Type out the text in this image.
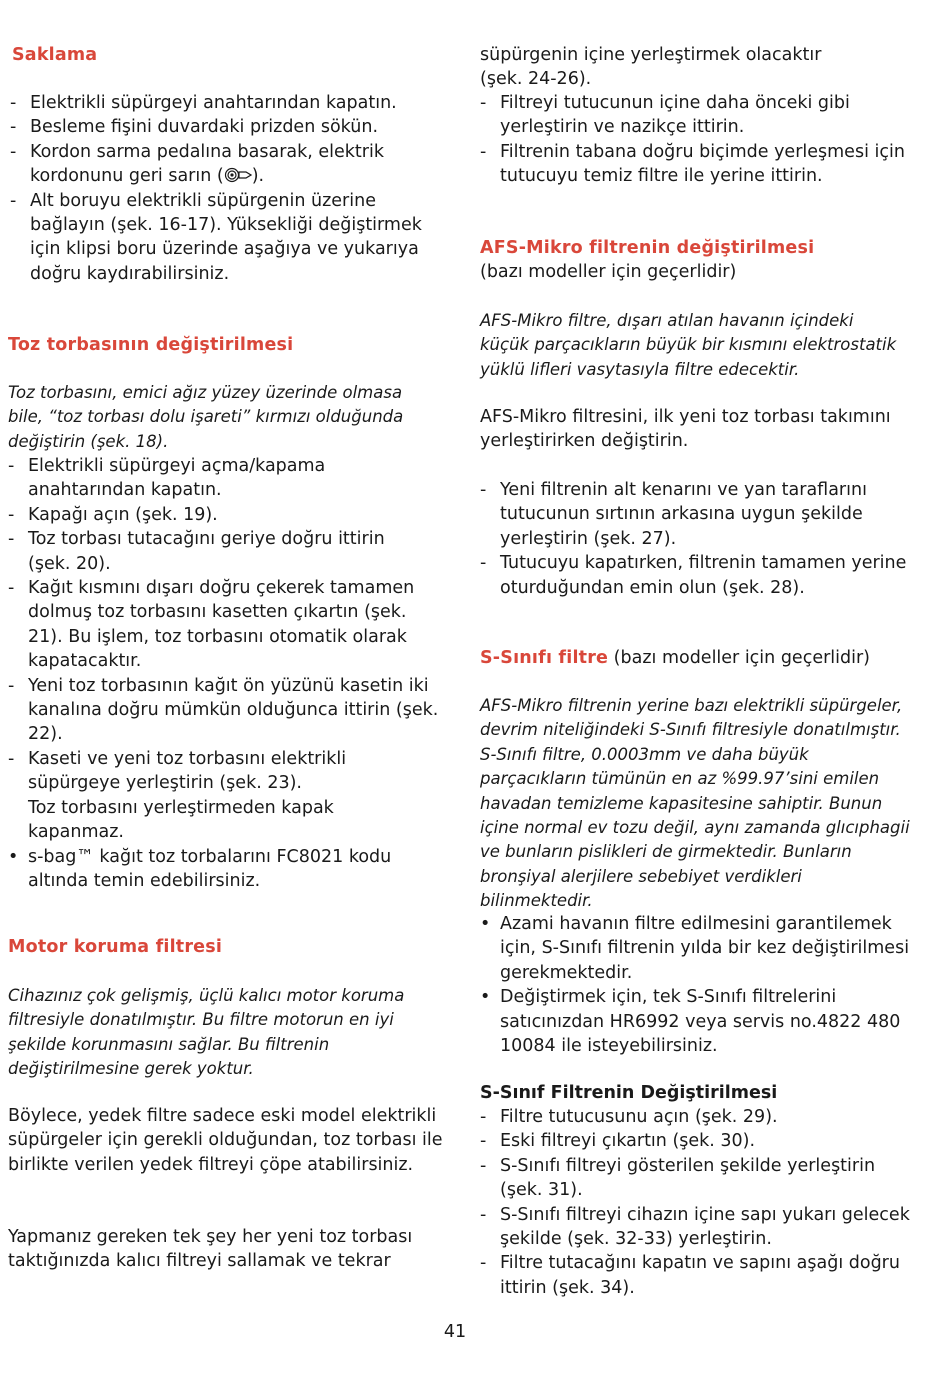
Saklama
- Elektrikli süpürgeyi anahtarından kapatın.
- Besleme fişini duvardaki prizden sökün.
- Kordon sarma pedalına basarak, elektrik kordonunu geri sarın ( ).
- Alt boruyu elektrikli süpürgenin üzerine bağlayın (şek. 16-17). Yüksekliği değiştirmek için klipsi boru üzerinde aşağıya ve yukarıya doğru kaydırabilirsiniz.
Toz torbasının değiştirilmesi

Toz torbasını, emici ağız yüzey üzerinde olmasa bile, “toz torbası dolu işareti” kırmızı olduğunda değiştirin (şek. 18).

- Elektrikli süpürgeyi açma/kapama anahtarından kapatın.
- Kapağı açın (şek. 19).
- Toz torbası tutacağını geriye doğru ittirin (şek. 20).
- Kağıt kısmını dışarı doğru çekerek tamamen dolmuş toz torbasını kasetten çıkartın (şek. 21). Bu işlem, toz torbasını otomatik olarak kapatacaktır.
- Yeni toz torbasının kağıt ön yüzünü kasetin iki kanalına doğru mümkün olduğunca ittirin (şek. 22).
- Kaseti ve yeni toz torbasını elektrikli süpürgeye yerleştirin (şek. 23).
Toz torbasını yerleştirmeden kapak kapanmaz.
• s-bag™ kağıt toz torbalarını FC8021 kodu altında temin edebilirsiniz.
Motor koruma filtresi

Cihazınız çok gelişmiş, üçlü kalıcı motor koruma filtresiyle donatılmıştır. Bu filtre motorun en iyi şekilde korunmasını sağlar. Bu filtrenin değiştirilmesine gerek yoktur.

Böylece, yedek filtre sadece eski model elektrikli süpürgeler için gerekli olduğundan, toz torbası ile birlikte verilen yedek filtreyi çöpe atabilirsiniz.

Yapmanız gereken tek şey her yeni toz torbası taktığınızda kalıcı filtreyi sallamak ve tekrar

süpürgenin içine yerleştirmek olacaktır (şek. 24-26).

- Filtreyi tutucunun içine daha önceki gibi yerleştirin ve nazikçe ittirin.
- Filtrenin tabana doğru biçimde yerleşmesi için tutucuyu temiz filtre ile yerine ittirin.
AFS-Mikro filtrenin değiştirilmesi
(bazı modeller için geçerlidir)

AFS-Mikro filtre, dışarı atılan havanın içindeki küçük parçacıkların büyük bir kısmını elektrostatik yüklü lifleri vasytasıyla filtre edecektir.

AFS-Mikro filtresini, ilk yeni toz torbası takımını yerleştirirken değiştirin.

- Yeni filtrenin alt kenarını ve yan taraflarını tutucunun sırtının arkasına uygun şekilde yerleştirin (şek. 27).
- Tutucuyu kapatırken, filtrenin tamamen yerine oturduğundan emin olun (şek. 28).
S-Sınıfı filtre (bazı modeller için geçerlidir)

AFS-Mikro filtrenin yerine bazı elektrikli süpürgeler, devrim niteliğindeki S-Sınıfı filtresiyle donatılmıştır. S-Sınıfı filtre, 0.0003mm ve daha büyük parçacıkların tümünün en az %99.97’sini emilen havadan temizleme kapasitesine sahiptir. Bunun içine normal ev tozu değil, aynı zamanda glıcıphagii ve bunların pislikleri de girmektedir. Bunların bronşiyal alerjilere sebebiyet verdikleri bilinmektedir.

• Azami havanın filtre edilmesini garantilemek için, S-Sınıfı filtrenin yılda bir kez değiştirilmesi gerekmektedir.
• Değiştirmek için, tek S-Sınıfı filtrelerini satıcınızdan HR6992 veya servis no.4822 480 10084 ile isteyebilirsiniz.
S-Sınıf Filtrenin Değiştirilmesi
- Filtre tutucusunu açın (şek. 29).
- Eski filtreyi çıkartın (şek. 30).
- S-Sınıfı filtreyi gösterilen şekilde yerleştirin (şek. 31).
- S-Sınıfı filtreyi cihazın içine sapı yukarı gelecek şekilde (şek. 32-33) yerleştirin.
- Filtre tutacağını kapatın ve sapını aşağı doğru ittirin (şek. 34).
41
